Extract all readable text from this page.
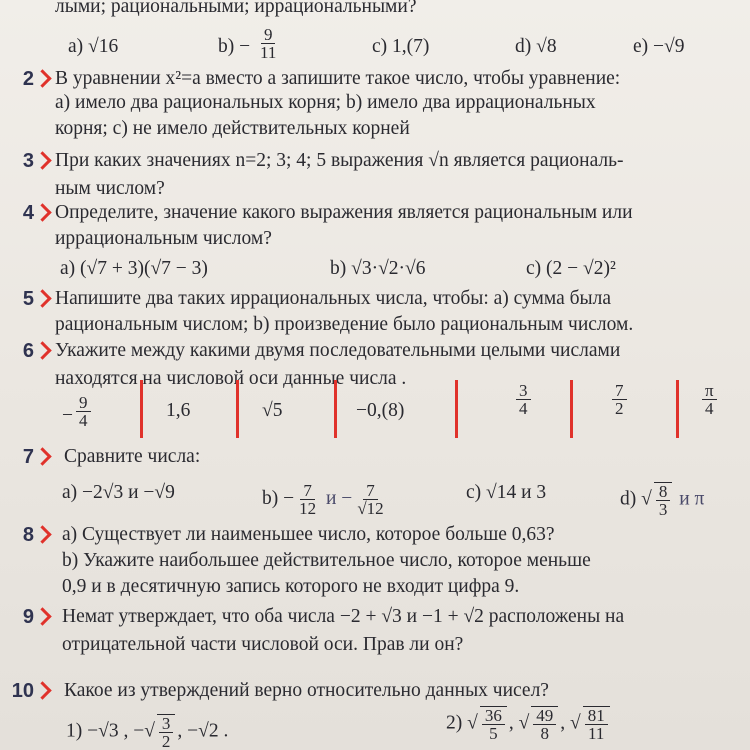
лыми; рациональными; иррациональными?
a) √16	$b) - \frac{9}{11}$	c) 1,(7)	d) √8	e) −√9
2 В уравнении x²=a вместо a запишите такое число, чтобы уравнение:
a) имело два рациональных корня; b) имело два иррациональных
корня; c) не имело действительных корней
3 При каких значениях n=2; 3; 4; 5 выражения √n является рациональ-
ным числом?
4 Определите, значение какого выражения является рациональным или
иррациональным числом?
a) (√7 + 3)(√7 − 3)	b) √3·√2·√6	c) (2 − √2)²
5 Напишите два таких иррациональных числа, чтобы: a) сумма была
рациональным числом; b) произведение было рациональным числом.
6 Укажите между какими двумя последовательными целыми числами
находятся на числовой оси данные числа .
− $\frac{9}{4}$	1,6	√5	−0,(8)	$\frac{3}{4}$	$\frac{7}{2}$	$\frac{\pi}{4}$
7 Сравните числа:
a) −2√3 и −√9	$b) - \frac{7}{12}$ $и - \frac{7}{√12}$	c) √14 и 3	d) √ $\frac{8}{3}$ и π
8 a) Существует ли наименьшее число, которое больше 0,63?
b) Укажите наибольшее действительное число, которое меньше
0,9 и в десятичную запись которого не входит цифра 9.
9 Немат утверждает, что оба числа −2 + √3 и −1 + √2 расположены на
отрицательной части числовой оси. Прав ли он?
10 Какое из утверждений верно относительно данных чисел?
1) −√3 , −√ $\frac{3}{2}$ , −√2 .	2) √ $\frac{36}{5}$ , √ $\frac{49}{8}$ , √ $\frac{81}{11}$
